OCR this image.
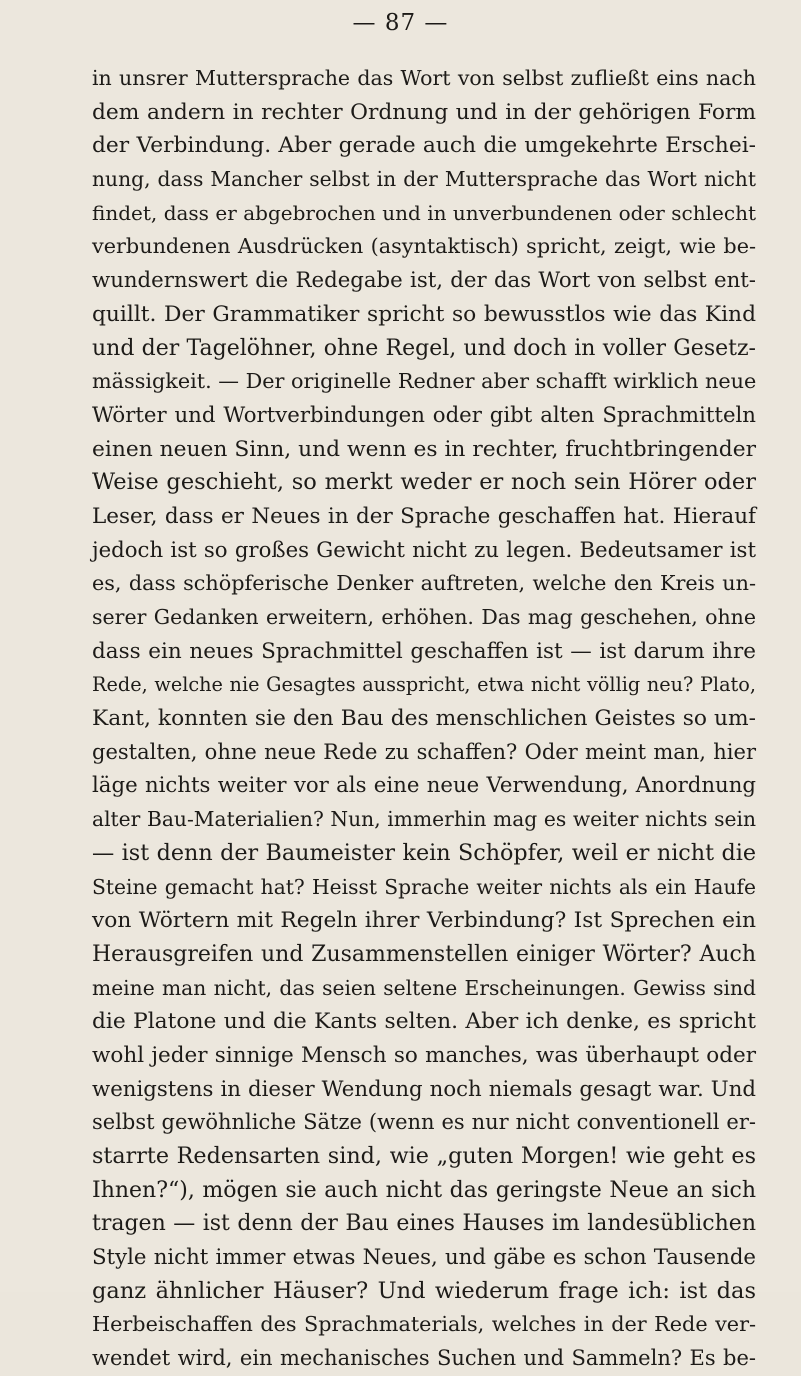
— 87 —
in unsrer Muttersprache das Wort von selbst zufließt eins nach
dem andern in rechter Ordnung und in der gehörigen Form
der Verbindung. Aber gerade auch die umgekehrte Erschei-
nung, dass Mancher selbst in der Muttersprache das Wort nicht
findet, dass er abgebrochen und in unverbundenen oder schlecht
verbundenen Ausdrücken (asyntaktisch) spricht, zeigt, wie be-
wundernswert die Redegabe ist, der das Wort von selbst ent-
quillt. Der Grammatiker spricht so bewusstlos wie das Kind
und der Tagelöhner, ohne Regel, und doch in voller Gesetz-
mässigkeit. — Der originelle Redner aber schafft wirklich neue
Wörter und Wortverbindungen oder gibt alten Sprachmitteln
einen neuen Sinn, und wenn es in rechter, fruchtbringender
Weise geschieht, so merkt weder er noch sein Hörer oder
Leser, dass er Neues in der Sprache geschaffen hat. Hierauf
jedoch ist so großes Gewicht nicht zu legen. Bedeutsamer ist
es, dass schöpferische Denker auftreten, welche den Kreis un-
serer Gedanken erweitern, erhöhen. Das mag geschehen, ohne
dass ein neues Sprachmittel geschaffen ist — ist darum ihre
Rede, welche nie Gesagtes ausspricht, etwa nicht völlig neu? Plato,
Kant, konnten sie den Bau des menschlichen Geistes so um-
gestalten, ohne neue Rede zu schaffen? Oder meint man, hier
läge nichts weiter vor als eine neue Verwendung, Anordnung
alter Bau-Materialien? Nun, immerhin mag es weiter nichts sein
— ist denn der Baumeister kein Schöpfer, weil er nicht die
Steine gemacht hat? Heisst Sprache weiter nichts als ein Haufe
von Wörtern mit Regeln ihrer Verbindung? Ist Sprechen ein
Herausgreifen und Zusammenstellen einiger Wörter? Auch
meine man nicht, das seien seltene Erscheinungen. Gewiss sind
die Platone und die Kants selten. Aber ich denke, es spricht
wohl jeder sinnige Mensch so manches, was überhaupt oder
wenigstens in dieser Wendung noch niemals gesagt war. Und
selbst gewöhnliche Sätze (wenn es nur nicht conventionell er-
starrte Redensarten sind, wie „guten Morgen! wie geht es
Ihnen?“), mögen sie auch nicht das geringste Neue an sich
tragen — ist denn der Bau eines Hauses im landesüblichen
Style nicht immer etwas Neues, und gäbe es schon Tausende
ganz ähnlicher Häuser? Und wiederum frage ich: ist das
Herbeischaffen des Sprachmaterials, welches in der Rede ver-
wendet wird, ein mechanisches Suchen und Sammeln? Es be-
